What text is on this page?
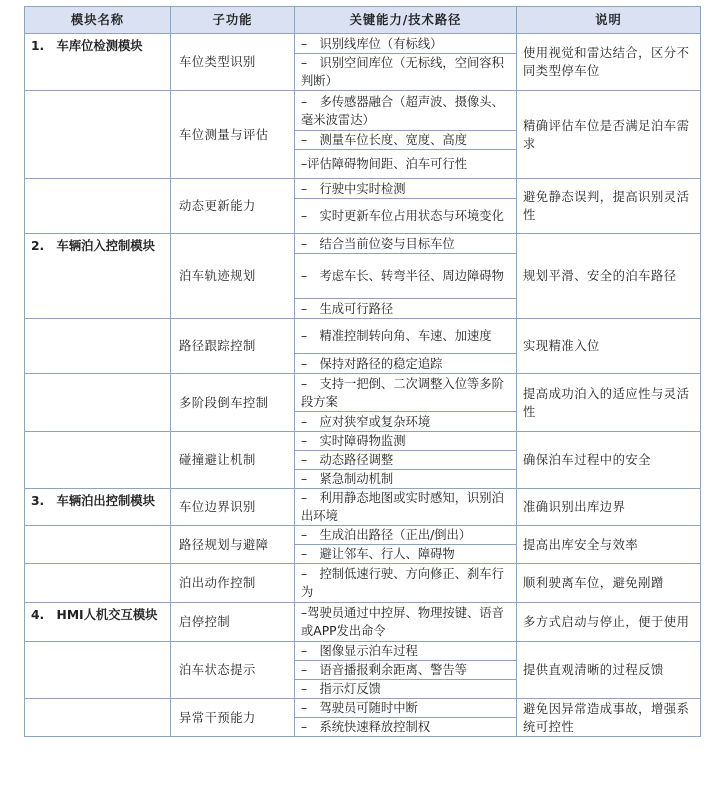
模块名称	子功能	关键能力/技术路径	说明
1.　车库位检测模块	车位类型识别	–　识别线库位（有标线）	使用视觉和雷达结合，区分不同类型停车位
		–　识别空间库位（无标线，空间容积判断）	
	车位测量与评估	–　多传感器融合（超声波、摄像头、毫米波雷达）	精确评估车位是否满足泊车需求
		–　测量车位长度、宽度、高度	
		–评估障碍物间距、泊车可行性	
	动态更新能力	–　行驶中实时检测	避免静态误判，提高识别灵活性
		–　实时更新车位占用状态与环境变化	
2.　车辆泊入控制模块	泊车轨迹规划	–　结合当前位姿与目标车位	规划平滑、安全的泊车路径
		–　考虑车长、转弯半径、周边障碍物	
		–　生成可行路径	
	路径跟踪控制	–　精准控制转向角、车速、加速度	实现精准入位
		–　保持对路径的稳定追踪	
	多阶段倒车控制	–　支持一把倒、二次调整入位等多阶段方案	提高成功泊入的适应性与灵活性
		–　应对狭窄或复杂环境	
	碰撞避让机制	–　实时障碍物监测	确保泊车过程中的安全
		–　动态路径调整	
		–　紧急制动机制	
3.　车辆泊出控制模块	车位边界识别	–　利用静态地图或实时感知，识别泊出环境	准确识别出库边界
	路径规划与避障	–　生成泊出路径（正出/倒出）	提高出库安全与效率
		–　避让邻车、行人、障碍物	
	泊出动作控制	–　控制低速行驶、方向修正、刹车行为	顺利驶离车位，避免剐蹭
4.　HMI人机交互模块	启停控制	–驾驶员通过中控屏、物理按键、语音或APP发出命令	多方式启动与停止，便于使用
	泊车状态提示	–　图像显示泊车过程	提供直观清晰的过程反馈
		–　语音播报剩余距离、警告等	
		–　指示灯反馈	
	异常干预能力	–　驾驶员可随时中断	避免因异常造成事故，增强系统可控性
		–　系统快速释放控制权	
